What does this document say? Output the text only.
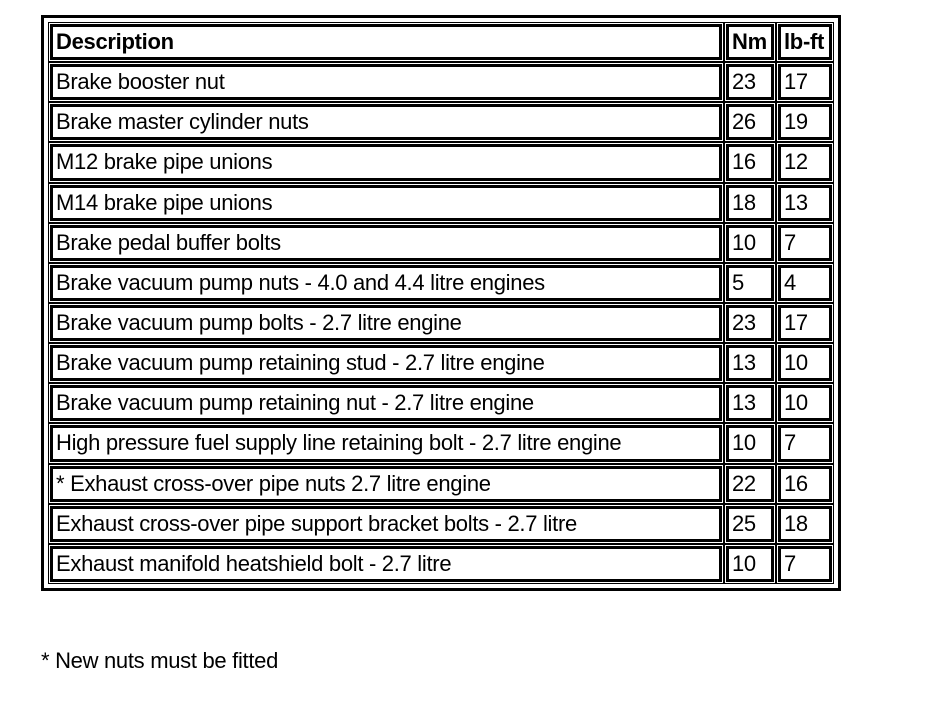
Description	Nm	lb-ft
Brake booster nut	23	17
Brake master cylinder nuts	26	19
M12 brake pipe unions	16	12
M14 brake pipe unions	18	13
Brake pedal buffer bolts	10	7
Brake vacuum pump nuts - 4.0 and 4.4 litre engines	5	4
Brake vacuum pump bolts - 2.7 litre engine	23	17
Brake vacuum pump retaining stud - 2.7 litre engine	13	10
Brake vacuum pump retaining nut - 2.7 litre engine	13	10
High pressure fuel supply line retaining bolt - 2.7 litre engine	10	7
* Exhaust cross-over pipe nuts 2.7 litre engine	22	16
Exhaust cross-over pipe support bracket bolts - 2.7 litre	25	18
Exhaust manifold heatshield bolt - 2.7 litre	10	7
* New nuts must be fitted
